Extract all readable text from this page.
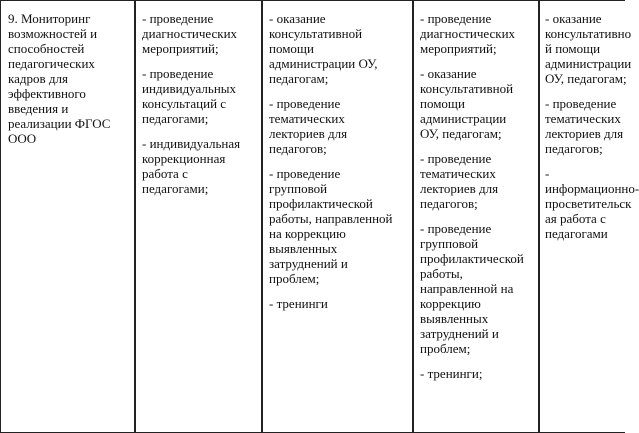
9. Мониторинг
возможностей и
способностей
педагогических
кадров для
эффективного
введения и
реализации ФГОС
ООО
- проведение
диагностических
мероприятий;
- проведение
индивидуальных
консультаций с
педагогами;
- индивидуальная
коррекционная
работа с
педагогами;
- оказание
консультативной
помощи
администрации ОУ,
педагогам;
- проведение
тематических
лекториев для
педагогов;
- проведение
групповой
профилактической
работы, направленной
на коррекцию
выявленных
затруднений и
проблем;
- тренинги
- проведение
диагностических
мероприятий;
- оказание
консультативной
помощи
администрации
ОУ, педагогам;
- проведение
тематических
лекториев для
педагогов;
- проведение
групповой
профилактической
работы,
направленной на
коррекцию
выявленных
затруднений и
проблем;
- тренинги;
- оказание
консультативно
й помощи
администрации
ОУ, педагогам;
- проведение
тематических
лекториев для
педагогов;
-
информационно-
просветительск
ая работа с
педагогами
